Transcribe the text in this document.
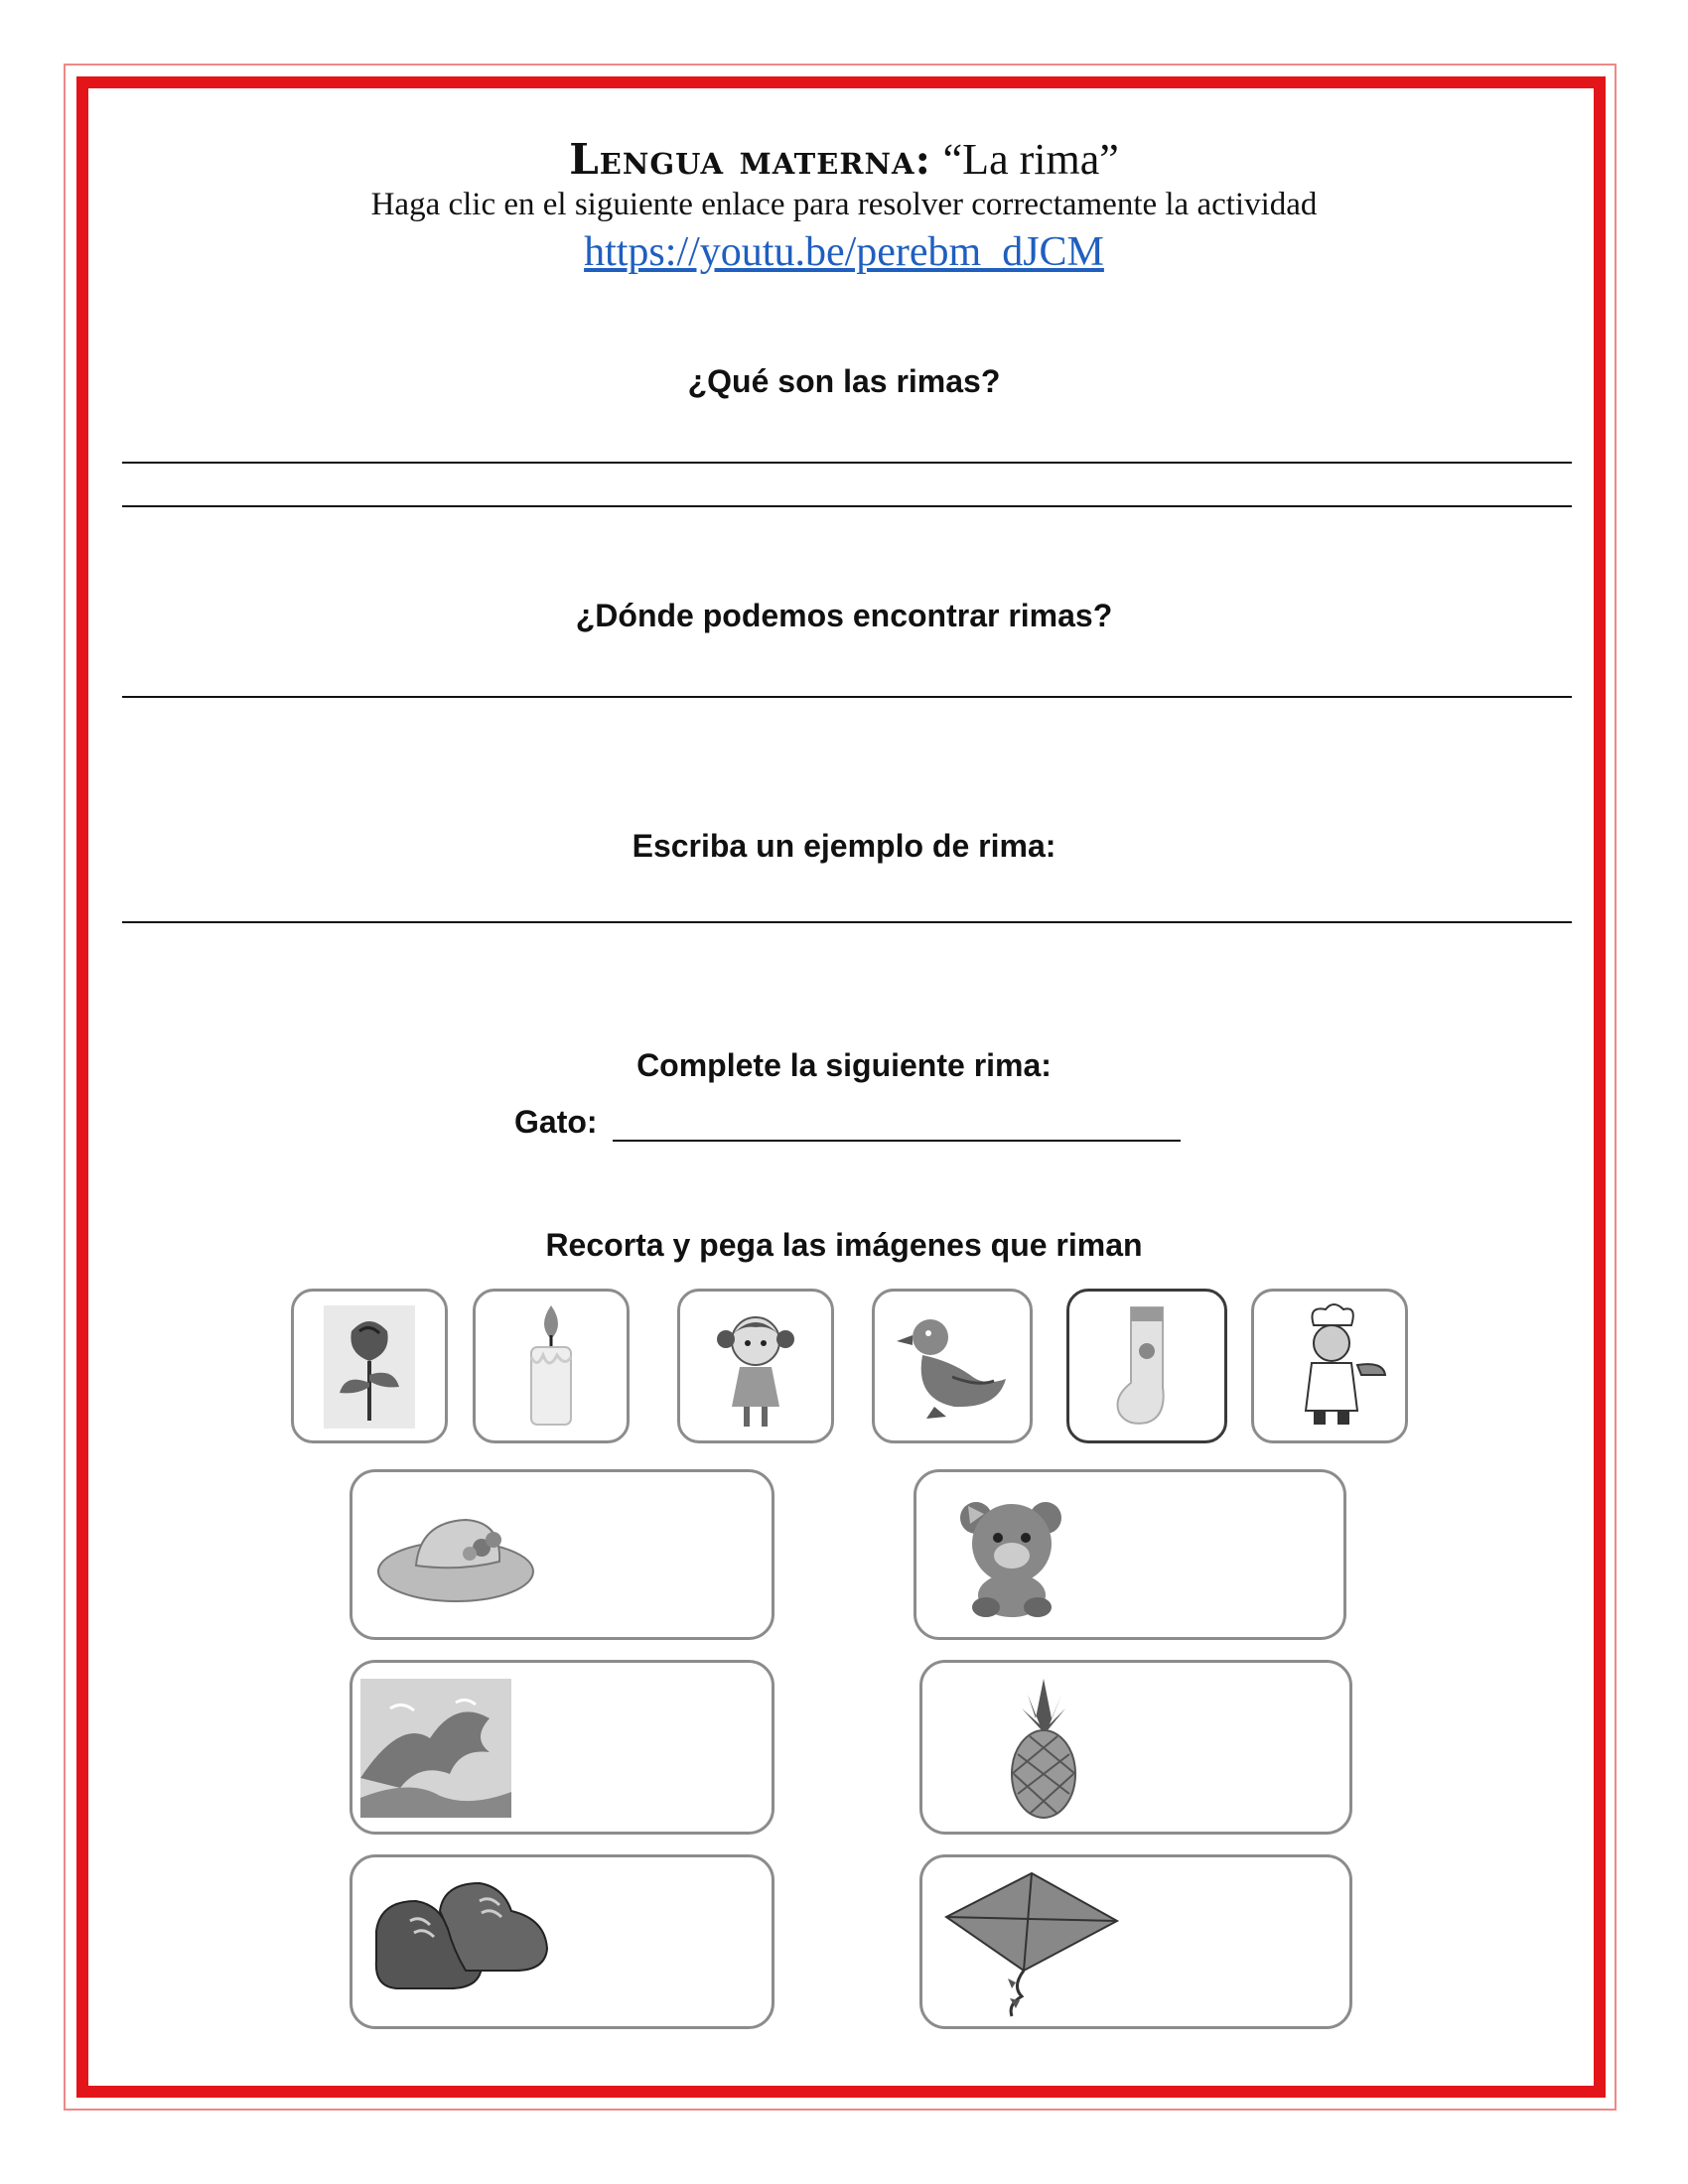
Lengua materna: “La rima”
Haga clic en el siguiente enlace para resolver correctamente la actividad
https://youtu.be/perebm_dJCM
¿Qué son las rimas?
¿Dónde podemos encontrar rimas?
Escriba un ejemplo de rima:
Complete la siguiente rima:
Gato:
Recorta y pega las imágenes que riman
